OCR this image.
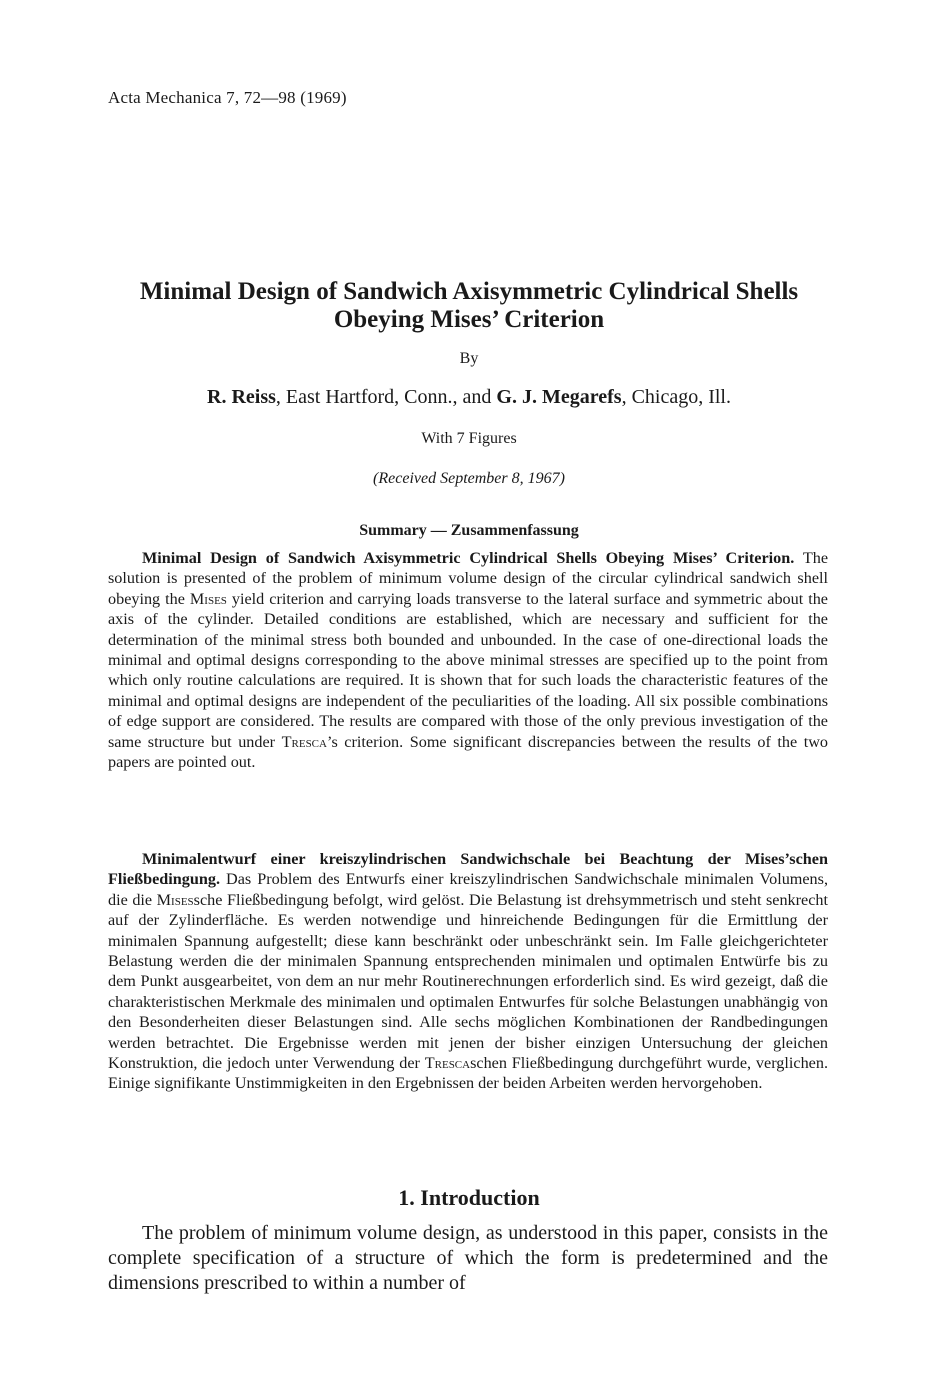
Acta Mechanica 7, 72—98 (1969)
Minimal Design of Sandwich Axisymmetric Cylindrical Shells
Obeying Mises’ Criterion
By
R. Reiss, East Hartford, Conn., and G. J. Megarefs, Chicago, Ill.
With 7 Figures
(Received September 8, 1967)
Summary — Zusammenfassung

Minimal Design of Sandwich Axisymmetric Cylindrical Shells Obeying Mises’ Criterion. The solution is presented of the problem of minimum volume design of the circular cylindrical sandwich shell obeying the Mises yield criterion and carrying loads transverse to the lateral surface and symmetric about the axis of the cylinder. Detailed conditions are established, which are necessary and sufficient for the determination of the minimal stress both bounded and unbounded. In the case of one-directional loads the minimal and optimal designs corresponding to the above minimal stresses are specified up to the point from which only routine calculations are required. It is shown that for such loads the characteristic features of the minimal and optimal designs are independent of the peculiarities of the loading. All six possible combinations of edge support are considered. The results are compared with those of the only previous investigation of the same structure but under Tresca’s criterion. Some significant discrepancies between the results of the two papers are pointed out.

Minimalentwurf einer kreiszylindrischen Sandwichschale bei Beachtung der Mises’schen Fließbedingung. Das Problem des Entwurfs einer kreiszylindrischen Sandwichschale minimalen Volumens, die die Misessche Fließbedingung befolgt, wird gelöst. Die Belastung ist drehsymmetrisch und steht senkrecht auf der Zylinderfläche. Es werden notwendige und hinreichende Bedingungen für die Ermittlung der minimalen Spannung aufgestellt; diese kann beschränkt oder unbeschränkt sein. Im Falle gleichgerichteter Belastung werden die der minimalen Spannung entsprechenden minimalen und optimalen Entwürfe bis zu dem Punkt ausgearbeitet, von dem an nur mehr Routinerechnungen erforderlich sind. Es wird gezeigt, daß die charakteristischen Merkmale des minimalen und optimalen Entwurfes für solche Belastungen unabhängig von den Besonderheiten dieser Belastungen sind. Alle sechs möglichen Kombinationen der Randbedingungen werden betrachtet. Die Ergebnisse werden mit jenen der bisher einzigen Untersuchung der gleichen Konstruktion, die jedoch unter Verwendung der Trescaschen Fließbedingung durchgeführt wurde, verglichen. Einige signifikante Unstimmigkeiten in den Ergebnissen der beiden Arbeiten werden hervorgehoben.

1. Introduction

The problem of minimum volume design, as understood in this paper, consists in the complete specification of a structure of which the form is predetermined and the dimensions prescribed to within a number of
